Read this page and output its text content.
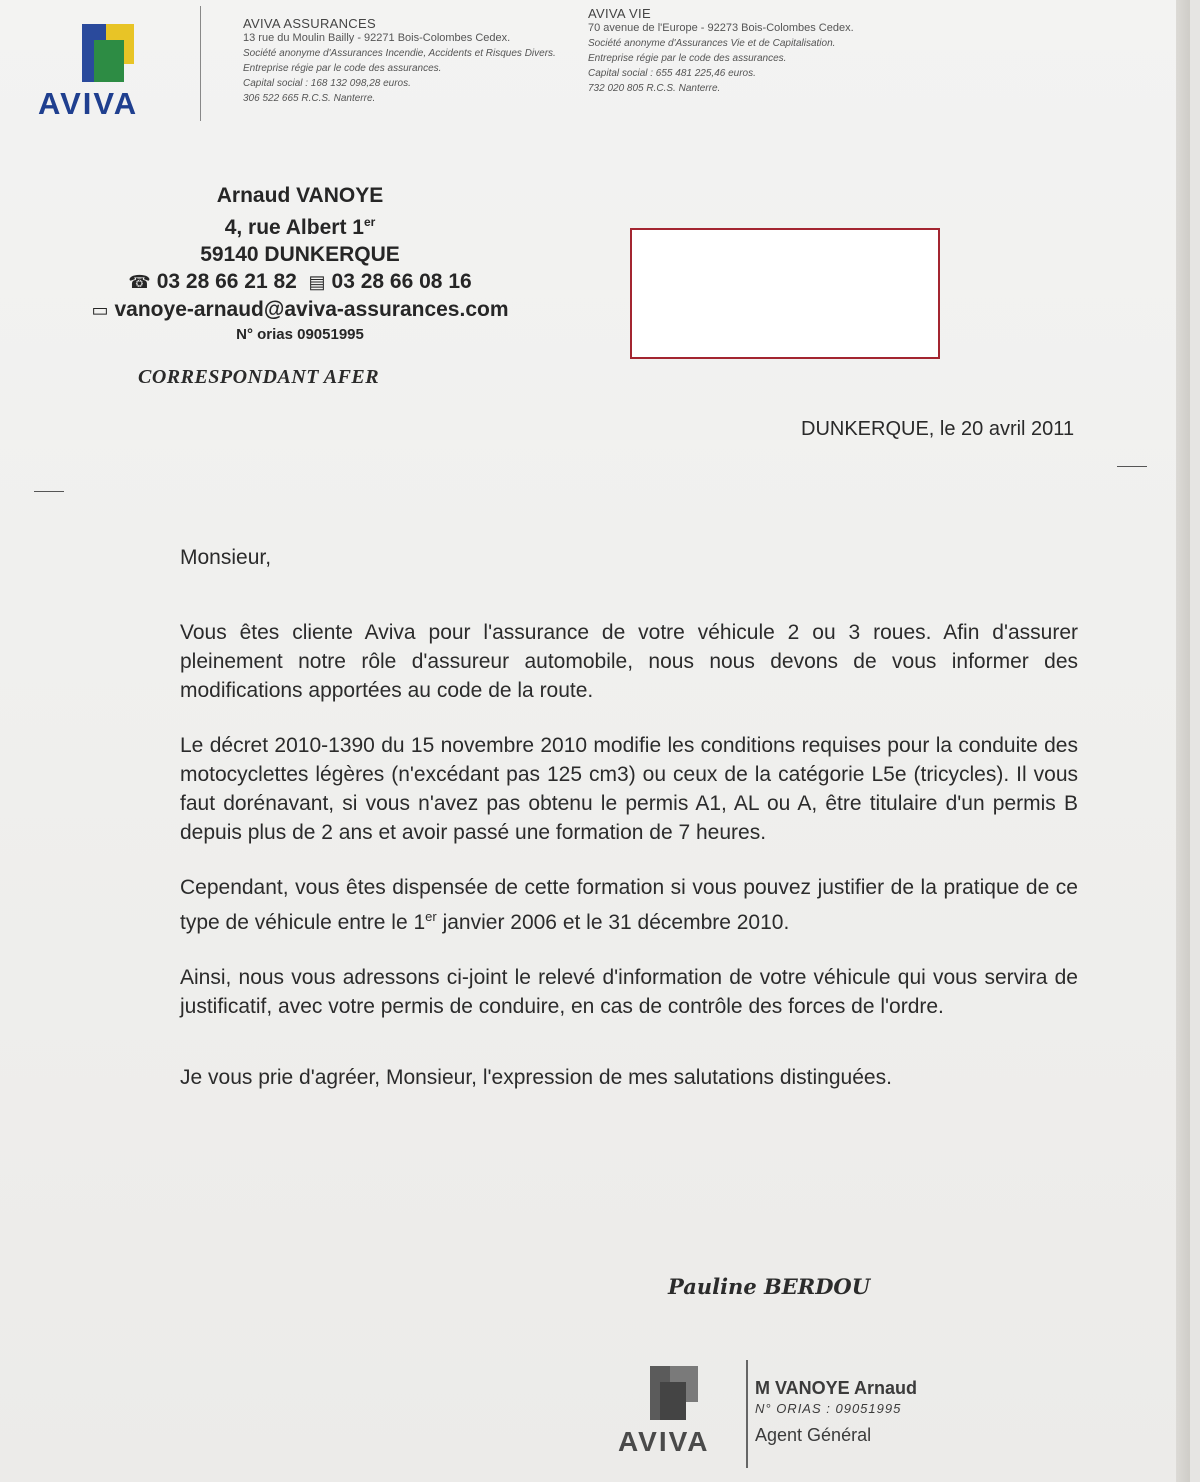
AVIVA
AVIVA ASSURANCES
13 rue du Moulin Bailly - 92271 Bois-Colombes Cedex.
Société anonyme d'Assurances Incendie, Accidents et Risques Divers.
Entreprise régie par le code des assurances.
Capital social : 168 132 098,28 euros.
306 522 665 R.C.S. Nanterre.
AVIVA VIE
70 avenue de l'Europe - 92273 Bois-Colombes Cedex.
Société anonyme d'Assurances Vie et de Capitalisation.
Entreprise régie par le code des assurances.
Capital social : 655 481 225,46 euros.
732 020 805 R.C.S. Nanterre.
Arnaud VANOYE
4, rue Albert 1er
59140 DUNKERQUE
☎ 03 28 66 21 82 ▤ 03 28 66 08 16
▭ vanoye-arnaud@aviva-assurances.com
N° orias 09051995
CORRESPONDANT AFER
DUNKERQUE, le 20 avril 2011

Monsieur,

Vous êtes cliente Aviva pour l'assurance de votre véhicule 2 ou 3 roues. Afin d'assurer pleinement notre rôle d'assureur automobile, nous nous devons de vous informer des modifications apportées au code de la route.

Le décret 2010-1390 du 15 novembre 2010 modifie les conditions requises pour la conduite des motocyclettes légères (n'excédant pas 125 cm3) ou ceux de la catégorie L5e (tricycles). Il vous faut dorénavant, si vous n'avez pas obtenu le permis A1, AL ou A, être titulaire d'un permis B depuis plus de 2 ans et avoir passé une formation de 7 heures.

Cependant, vous êtes dispensée de cette formation si vous pouvez justifier de la pratique de ce type de véhicule entre le 1er janvier 2006 et le 31 décembre 2010.

Ainsi, nous vous adressons ci-joint le relevé d'information de votre véhicule qui vous servira de justificatif, avec votre permis de conduire, en cas de contrôle des forces de l'ordre.

Je vous prie d'agréer, Monsieur, l'expression de mes salutations distinguées.

Pauline BERDOU
AVIVA
M VANOYE Arnaud
N° ORIAS : 09051995
Agent Général
